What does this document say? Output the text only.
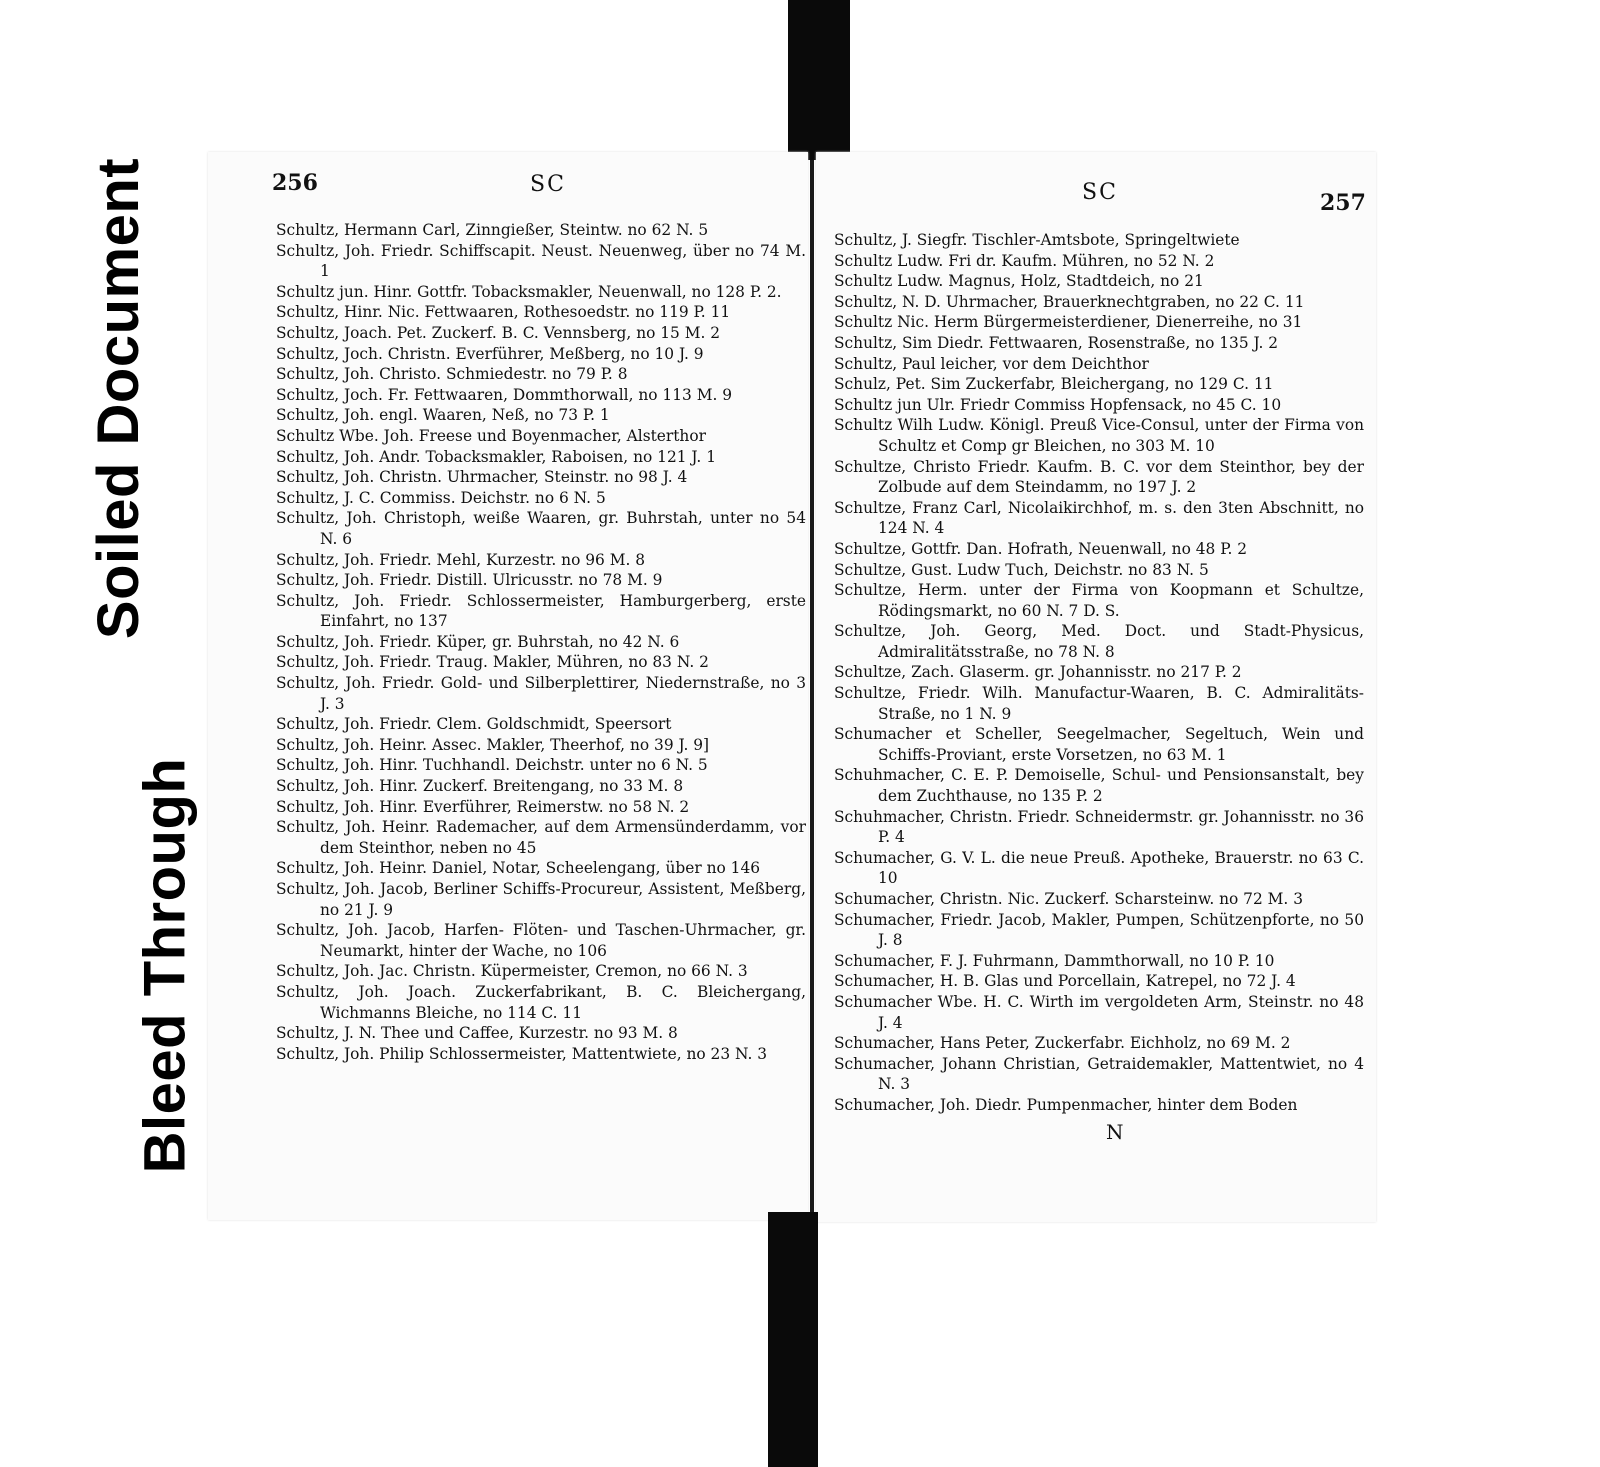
Soiled Document
Bleed Through
256	SC	SC	257
Schultz, Hermann Carl, Zinngießer, Steintw. no 62 N. 5
Schultz, Joh. Friedr. Schiffscapit. Neust. Neuenweg, über no 74 M. 1
Schultz jun. Hinr. Gottfr. Tobacksmakler, Neuenwall, no 128 P. 2.
Schultz, Hinr. Nic. Fettwaaren, Rothesoedstr. no 119 P. 11
Schultz, Joach. Pet. Zuckerf. B. C. Vennsberg, no 15 M. 2
Schultz, Joch. Christn. Everführer, Meßberg, no 10 J. 9
Schultz, Joh. Christo. Schmiedestr. no 79 P. 8
Schultz, Joch. Fr. Fettwaaren, Dommthorwall, no 113 M. 9
Schultz, Joh. engl. Waaren, Neß, no 73 P. 1
Schultz Wbe. Joh. Freese und Boyenmacher, Alsterthor
Schultz, Joh. Andr. Tobacksmakler, Raboisen, no 121 J. 1
Schultz, Joh. Christn. Uhrmacher, Steinstr. no 98 J. 4
Schultz, J. C. Commiss. Deichstr. no 6 N. 5
Schultz, Joh. Christoph, weiße Waaren, gr. Buhrstah, unter no 54 N. 6
Schultz, Joh. Friedr. Mehl, Kurzestr. no 96 M. 8
Schultz, Joh. Friedr. Distill. Ulricusstr. no 78 M. 9
Schultz, Joh. Friedr. Schlossermeister, Hamburgerberg, erste Einfahrt, no 137
Schultz, Joh. Friedr. Küper, gr. Buhrstah, no 42 N. 6
Schultz, Joh. Friedr. Traug. Makler, Mühren, no 83 N. 2
Schultz, Joh. Friedr. Gold- und Silberplettirer, Niedernstraße, no 3 J. 3
Schultz, Joh. Friedr. Clem. Goldschmidt, Speersort
Schultz, Joh. Heinr. Assec. Makler, Theerhof, no 39 J. 9]
Schultz, Joh. Hinr. Tuchhandl. Deichstr. unter no 6 N. 5
Schultz, Joh. Hinr. Zuckerf. Breitengang, no 33 M. 8
Schultz, Joh. Hinr. Everführer, Reimerstw. no 58 N. 2
Schultz, Joh. Heinr. Rademacher, auf dem Armensünderdamm, vor dem Steinthor, neben no 45
Schultz, Joh. Heinr. Daniel, Notar, Scheelengang, über no 146
Schultz, Joh. Jacob, Berliner Schiffs-Procureur, Assistent, Meßberg, no 21 J. 9
Schultz, Joh. Jacob, Harfen- Flöten- und Taschen-Uhrmacher, gr. Neumarkt, hinter der Wache, no 106
Schultz, Joh. Jac. Christn. Küpermeister, Cremon, no 66 N. 3
Schultz, Joh. Joach. Zuckerfabrikant, B. C. Bleichergang, Wichmanns Bleiche, no 114 C. 11
Schultz, J. N. Thee und Caffee, Kurzestr. no 93 M. 8
Schultz, Joh. Philip Schlossermeister, Mattentwiete, no 23 N. 3
Schultz, J. Siegfr. Tischler-Amtsbote, Springeltwiete
Schultz Ludw. Fri dr. Kaufm. Mühren, no 52 N. 2
Schultz Ludw. Magnus, Holz, Stadtdeich, no 21
Schultz, N. D. Uhrmacher, Brauerknechtgraben, no 22 C. 11
Schultz Nic. Herm Bürgermeisterdiener, Dienerreihe, no 31
Schultz, Sim Diedr. Fettwaaren, Rosenstraße, no 135 J. 2
Schultz, Paul leicher, vor dem Deichthor
Schulz, Pet. Sim Zuckerfabr, Bleichergang, no 129 C. 11
Schultz jun Ulr. Friedr Commiss Hopfensack, no 45 C. 10
Schultz Wilh Ludw. Königl. Preuß Vice-Consul, unter der Firma von Schultz et Comp gr Bleichen, no 303 M. 10
Schultze, Christo Friedr. Kaufm. B. C. vor dem Steinthor, bey der Zolbude auf dem Steindamm, no 197 J. 2
Schultze, Franz Carl, Nicolaikirchhof, m. s. den 3ten Abschnitt, no 124 N. 4
Schultze, Gottfr. Dan. Hofrath, Neuenwall, no 48 P. 2
Schultze, Gust. Ludw Tuch, Deichstr. no 83 N. 5
Schultze, Herm. unter der Firma von Koopmann et Schultze, Rödingsmarkt, no 60 N. 7 D. S.
Schultze, Joh. Georg, Med. Doct. und Stadt-Physicus, Admiralitätsstraße, no 78 N. 8
Schultze, Zach. Glaserm. gr. Johannisstr. no 217 P. 2
Schultze, Friedr. Wilh. Manufactur-Waaren, B. C. Admiralitäts-Straße, no 1 N. 9
Schumacher et Scheller, Seegelmacher, Segeltuch, Wein und Schiffs-Proviant, erste Vorsetzen, no 63 M. 1
Schuhmacher, C. E. P. Demoiselle, Schul- und Pensionsanstalt, bey dem Zuchthause, no 135 P. 2
Schuhmacher, Christn. Friedr. Schneidermstr. gr. Johannisstr. no 36 P. 4
Schumacher, G. V. L. die neue Preuß. Apotheke, Brauerstr. no 63 C. 10
Schumacher, Christn. Nic. Zuckerf. Scharsteinw. no 72 M. 3
Schumacher, Friedr. Jacob, Makler, Pumpen, Schützenpforte, no 50 J. 8
Schumacher, F. J. Fuhrmann, Dammthorwall, no 10 P. 10
Schumacher, H. B. Glas und Porcellain, Katrepel, no 72 J. 4
Schumacher Wbe. H. C. Wirth im vergoldeten Arm, Steinstr. no 48 J. 4
Schumacher, Hans Peter, Zuckerfabr. Eichholz, no 69 M. 2
Schumacher, Johann Christian, Getraidemakler, Mattentwiet, no 4 N. 3
Schumacher, Joh. Diedr. Pumpenmacher, hinter dem Boden
N
